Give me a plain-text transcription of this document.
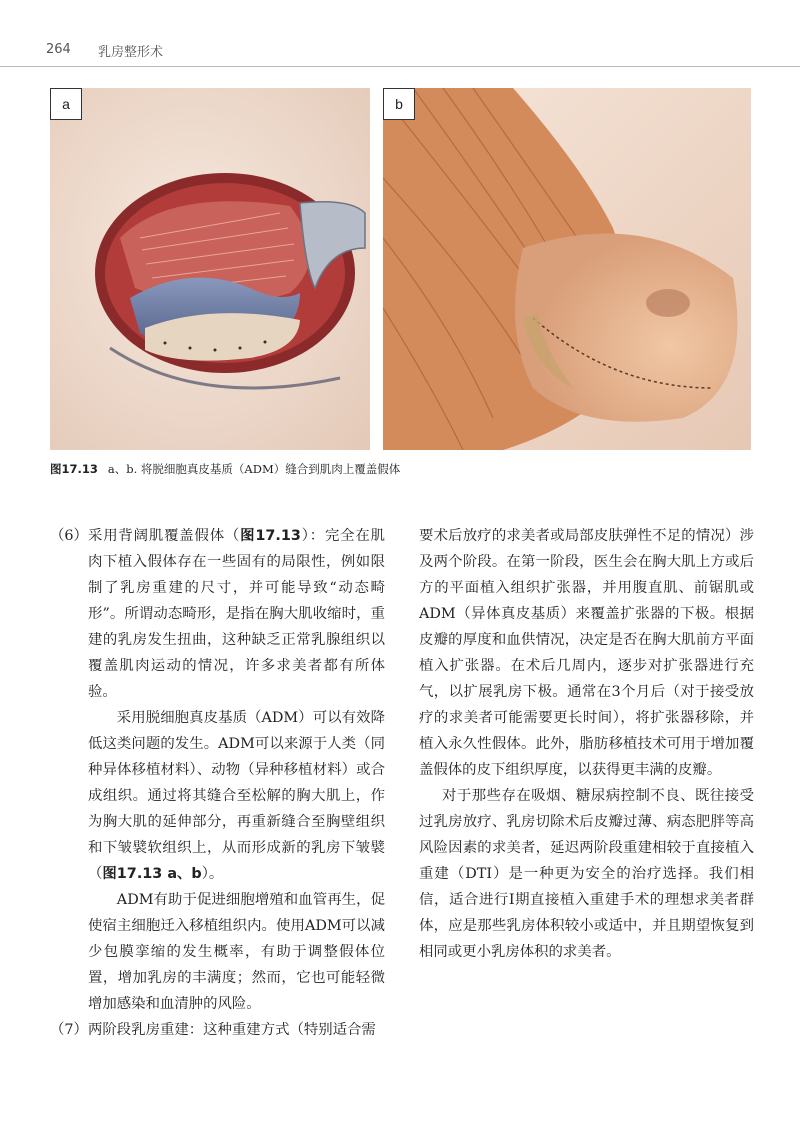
264 乳房整形术
a	b
图17.13 a、b. 将脱细胞真皮基质（ADM）缝合到肌肉上覆盖假体

（6） 采用背阔肌覆盖假体（图17.13）：完全在肌肉下植入假体存在一些固有的局限性，例如限制了乳房重建的尺寸，并可能导致“动态畸形”。所谓动态畸形，是指在胸大肌收缩时，重建的乳房发生扭曲，这种缺乏正常乳腺组织以覆盖肌肉运动的情况，许多求美者都有所体验。

采用脱细胞真皮基质（ADM）可以有效降低这类问题的发生。ADM可以来源于人类（同种异体移植材料）、动物（异种移植材料）或合成组织。通过将其缝合至松解的胸大肌上，作为胸大肌的延伸部分，再重新缝合至胸壁组织和下皱襞软组织上，从而形成新的乳房下皱襞（图17.13 a、b）。

ADM有助于促进细胞增殖和血管再生，促使宿主细胞迁入移植组织内。使用ADM可以减少包膜挛缩的发生概率，有助于调整假体位置，增加乳房的丰满度；然而，它也可能轻微增加感染和血清肿的风险。

（7） 两阶段乳房重建：这种重建方式（特别适合需

要术后放疗的求美者或局部皮肤弹性不足的情况）涉及两个阶段。在第一阶段，医生会在胸大肌上方或后方的平面植入组织扩张器，并用腹直肌、前锯肌或ADM（异体真皮基质）来覆盖扩张器的下极。根据皮瓣的厚度和血供情况，决定是否在胸大肌前方平面植入扩张器。在术后几周内，逐步对扩张器进行充气，以扩展乳房下极。通常在3个月后（对于接受放疗的求美者可能需要更长时间），将扩张器移除，并植入永久性假体。此外，脂肪移植技术可用于增加覆盖假体的皮下组织厚度，以获得更丰满的皮瓣。

对于那些存在吸烟、糖尿病控制不良、既往接受过乳房放疗、乳房切除术后皮瓣过薄、病态肥胖等高风险因素的求美者，延迟两阶段重建相较于直接植入重建（DTI）是一种更为安全的治疗选择。我们相信，适合进行Ⅰ期直接植入重建手术的理想求美者群体，应是那些乳房体积较小或适中，并且期望恢复到相同或更小乳房体积的求美者。
